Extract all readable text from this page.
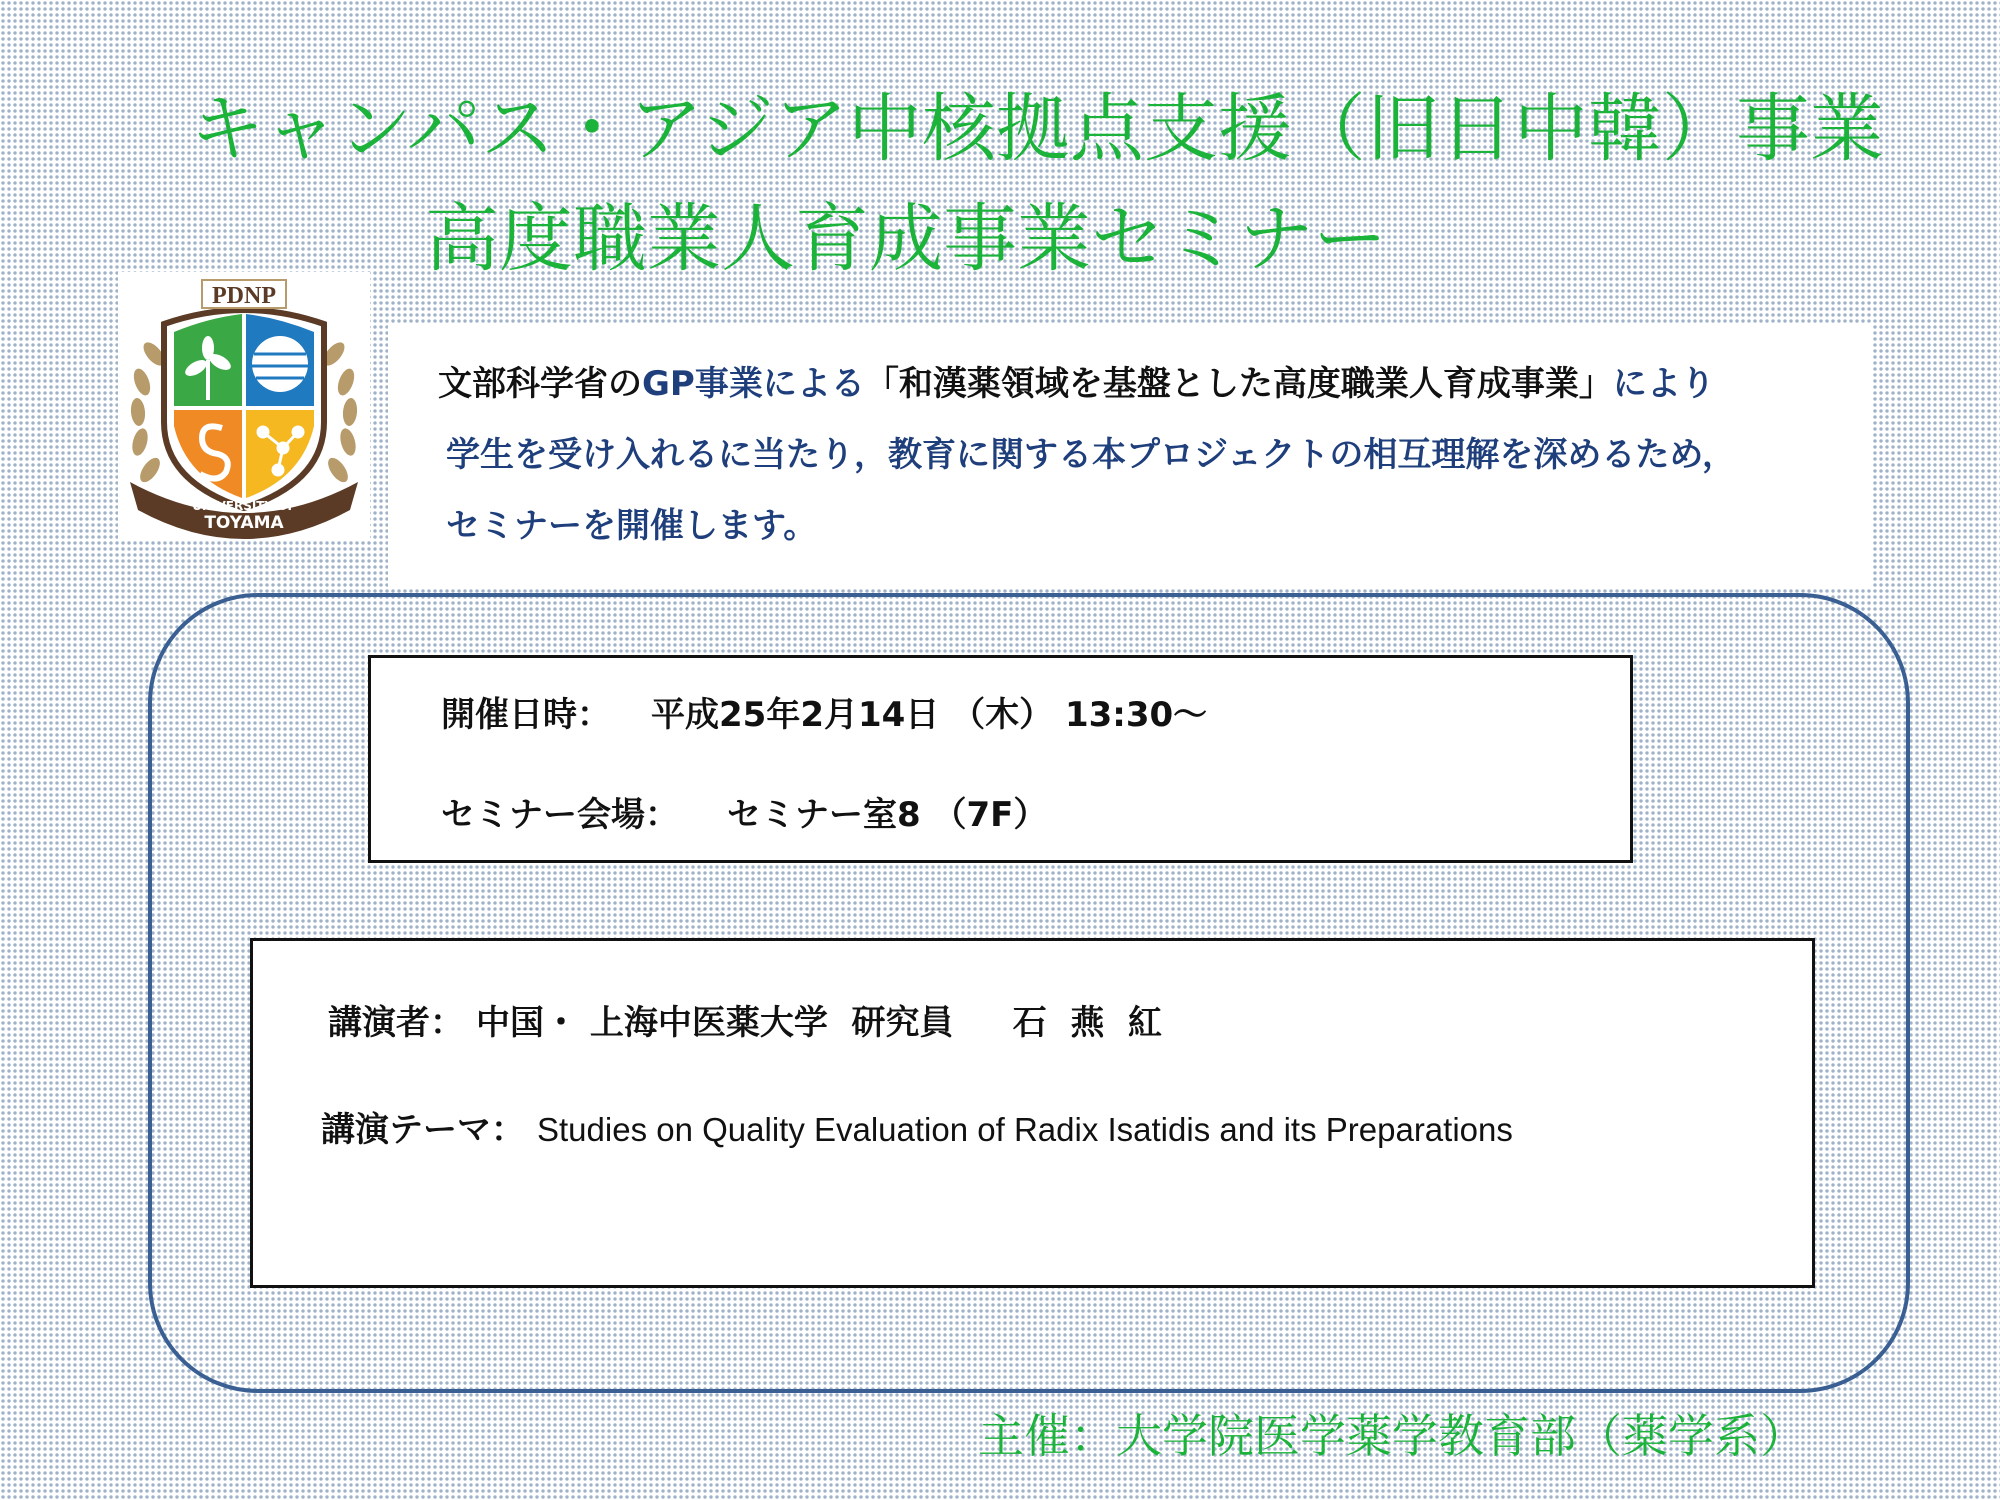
キャンパス・アジア中核拠点支援（旧日中韓）事業
高度職業人育成事業セミナー
PDNP
UNIVERSITY OF
TOYAMA
文部科学省のGP事業による「和漢薬領域を基盤とした高度職業人育成事業」により
学生を受け入れるに当たり，教育に関する本プロジェクトの相互理解を深めるため，
セミナーを開催します。
開催日時： 平成25年2月14日 （木） 13:30～
セミナー会場： セミナー室8 （7F）
講演者： 中国・ 上海中医薬大学  研究員     石  燕  紅
講演テーマ： Studies on Quality Evaluation of Radix Isatidis and its Preparations
主催：大学院医学薬学教育部（薬学系）
